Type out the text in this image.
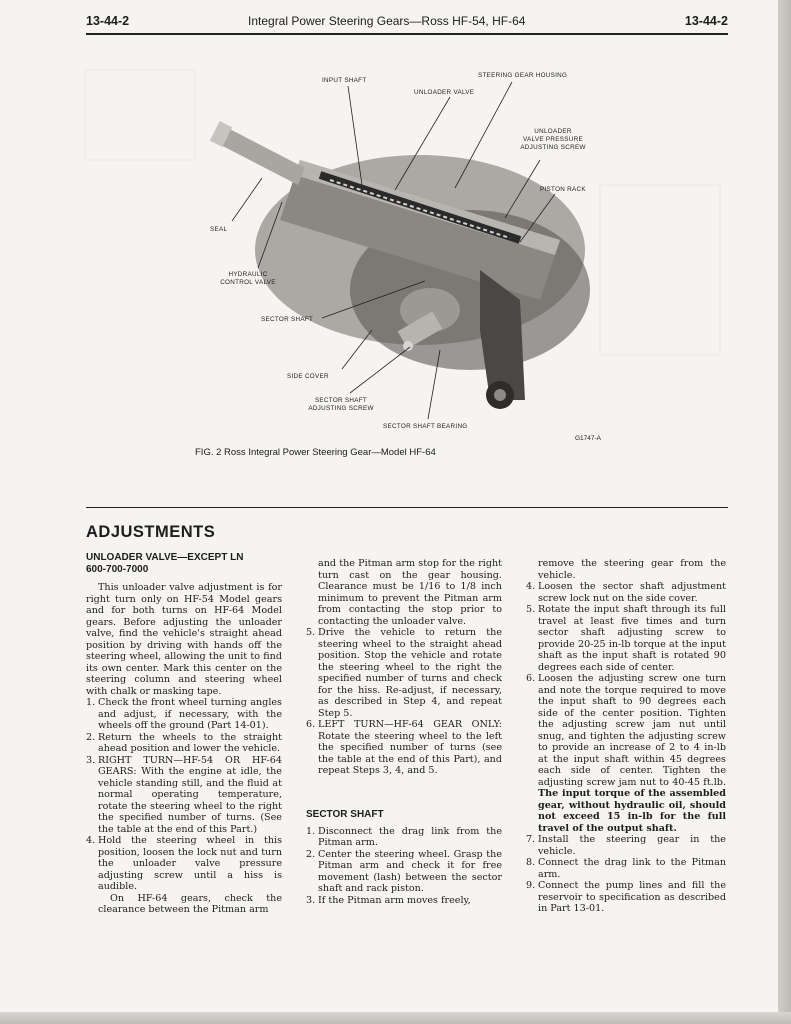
13-44-2	Integral Power Steering Gears—Ross HF-54, HF-64	13-44-2
INPUT SHAFT
STEERING GEAR HOUSING
UNLOADER VALVE
UNLOADER
VALVE PRESSURE
ADJUSTING SCREW
PISTON RACK
SEAL
HYDRAULIC
CONTROL VALVE
SECTOR SHAFT
SIDE COVER
SECTOR SHAFT
ADJUSTING SCREW
SECTOR SHAFT BEARING
G1747-A
FIG. 2 Ross Integral Power Steering Gear—Model HF-64
ADJUSTMENTS

UNLOADER VALVE—EXCEPT LN

600-700-7000

This unloader valve adjustment is for right turn only on HF-54 Model gears and for both turns on HF-64 Model gears. Before adjusting the unloader valve, find the vehicle's straight ahead position by driving with hands off the steering wheel, allowing the unit to find its own center. Mark this center on the steering column and steering wheel with chalk or masking tape.

1. Check the front wheel turning angles and adjust, if necessary, with the wheels off the ground (Part 14-01).
2. Return the wheels to the straight ahead position and lower the vehicle.
3. RIGHT TURN—HF-54 OR HF-64 GEARS: With the engine at idle, the vehicle standing still, and the fluid at normal operating temperature, rotate the steering wheel to the right the specified number of turns. (See the table at the end of this Part.)
4. Hold the steering wheel in this position, loosen the lock nut and turn the unloader valve pressure adjusting screw until a hiss is audible.

On HF-64 gears, check the clearance between the Pitman arm

and the Pitman arm stop for the right turn cast on the gear housing. Clearance must be 1/16 to 1/8 inch minimum to prevent the Pitman arm from contacting the stop prior to contacting the unloader valve.

5. Drive the vehicle to return the steering wheel to the straight ahead position. Stop the vehicle and rotate the steering wheel to the right the specified number of turns and check for the hiss. Re-adjust, if necessary, as described in Step 4, and repeat Step 5.
6. LEFT TURN—HF-64 GEAR ONLY: Rotate the steering wheel to the left the specified number of turns (see the table at the end of this Part), and repeat Steps 3, 4, and 5.

SECTOR SHAFT

1. Disconnect the drag link from the Pitman arm.
2. Center the steering wheel. Grasp the Pitman arm and check it for free movement (lash) between the sector shaft and rack piston.
3. If the Pitman arm moves freely,

remove the steering gear from the vehicle.

4. Loosen the sector shaft adjustment screw lock nut on the side cover.
5. Rotate the input shaft through its full travel at least five times and turn sector shaft adjusting screw to provide 20-25 in-lb torque at the input shaft as the input shaft is rotated 90 degrees each side of center.
6. Loosen the adjusting screw one turn and note the torque required to move the input shaft to 90 degrees each side of the center position. Tighten the adjusting screw jam nut until snug, and tighten the adjusting screw to provide an increase of 2 to 4 in-lb at the input shaft within 45 degrees each side of center. Tighten the adjusting screw jam nut to 40-45 ft.lb. The input torque of the assembled gear, without hydraulic oil, should not exceed 15 in-lb for the full travel of the output shaft.
7. Install the steering gear in the vehicle.
8. Connect the drag link to the Pitman arm.
9. Connect the pump lines and fill the reservoir to specification as described in Part 13-01.
